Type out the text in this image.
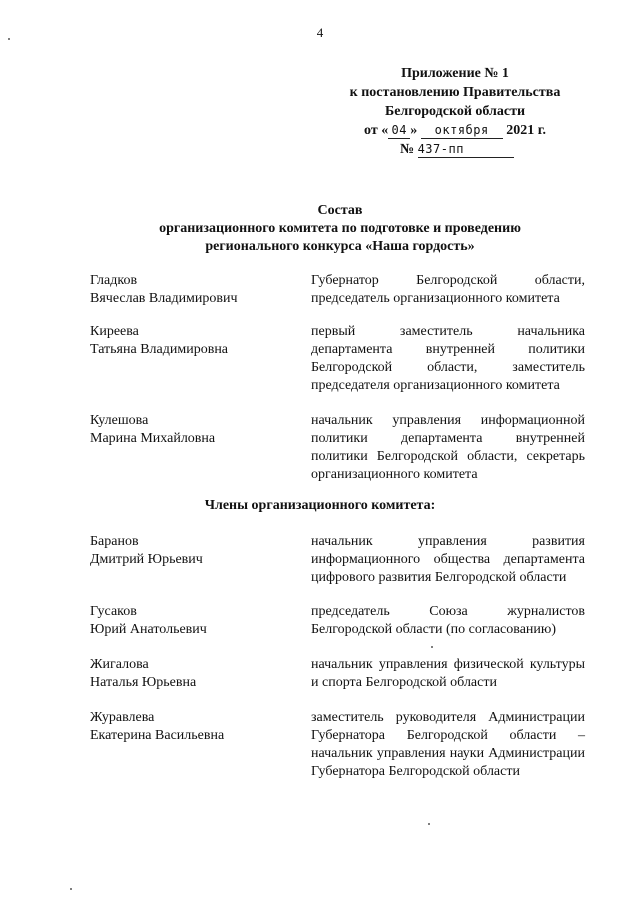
4
Приложение № 1
к постановлению Правительства
Белгородской области
от « 04 » октября 2021 г.
№ 437-пп
Состав
организационного комитета по подготовке и проведению
регионального конкурса «Наша гордость»
Гладков
Вячеслав Владимирович
Губернатор Белгородской области, председатель организационного комитета
Киреева
Татьяна Владимировна
первый заместитель начальника департамента внутренней политики Белгородской области, заместитель председателя организационного комитета
Кулешова
Марина Михайловна
начальник управления информационной политики департамента внутренней политики Белгородской области, секретарь организационного комитета
Члены организационного комитета:
Баранов
Дмитрий Юрьевич
начальник управления развития информационного общества департамента цифрового развития Белгородской области
Гусаков
Юрий Анатольевич
председатель Союза журналистов Белгородской области (по согласованию)
Жигалова
Наталья Юрьевна
начальник управления физической культуры и спорта Белгородской области
Журавлева
Екатерина Васильевна
заместитель руководителя Администрации Губернатора Белгородской области – начальник управления науки Администрации Губернатора Белгородской области
